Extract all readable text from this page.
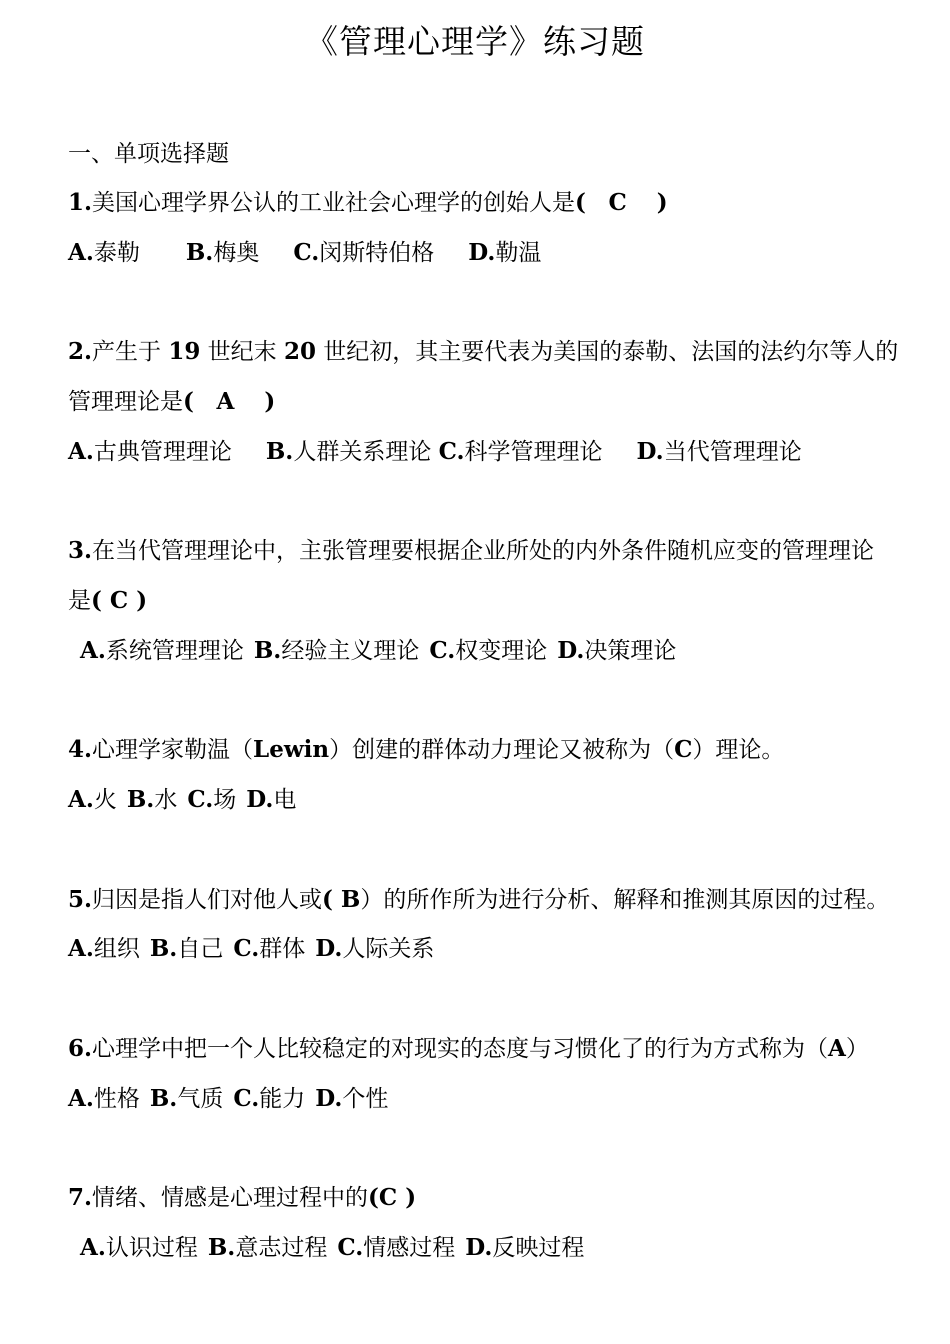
《管理心理学》练习题
一、单项选择题
1.美国心理学界公认的工业社会心理学的创始人是(   C    )
A.泰勒 B.梅奥 C.闵斯特伯格 D.勒温
2.产生于 19 世纪末 20 世纪初，其主要代表为美国的泰勒、法国的法约尔等人的
管理理论是(   A    )
A.古典管理理论 B.人群关系理论 C.科学管理理论 D.当代管理理论
3.在当代管理理论中，主张管理要根据企业所处的内外条件随机应变的管理理论
是( C )
A.系统管理理论 B.经验主义理论 C.权变理论 D.决策理论
4.心理学家勒温（Lewin）创建的群体动力理论又被称为（C）理论。
A.火 B.水 C.场 D.电
5.归因是指人们对他人或( B）的所作所为进行分析、解释和推测其原因的过程。
A.组织 B.自己 C.群体 D.人际关系
6.心理学中把一个人比较稳定的对现实的态度与习惯化了的行为方式称为（A）
A.性格 B.气质 C.能力 D.个性
7.情绪、情感是心理过程中的(C )
A.认识过程 B.意志过程 C.情感过程 D.反映过程
